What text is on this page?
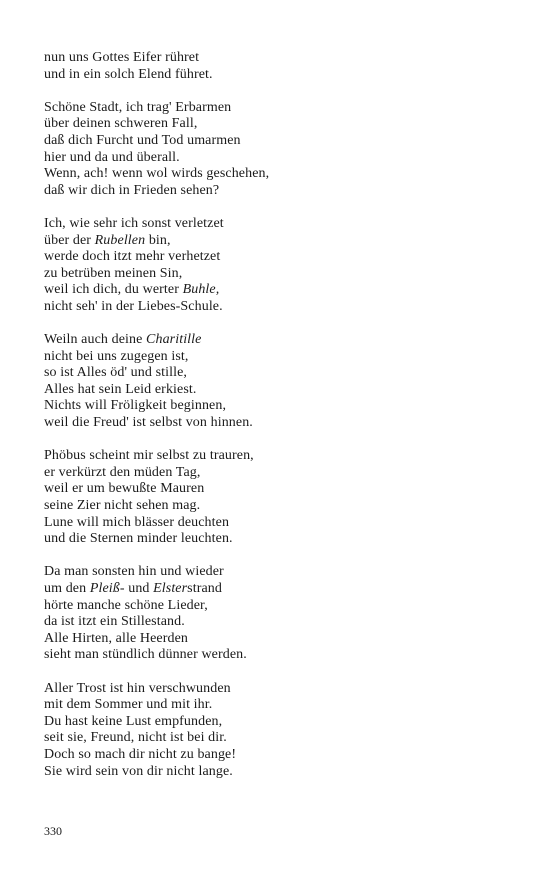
nun uns Gottes Eifer rühret
und in ein solch Elend führet.
Schöne Stadt, ich trag' Erbarmen
über deinen schweren Fall,
daß dich Furcht und Tod umarmen
hier und da und überall.
Wenn, ach! wenn wol wirds geschehen,
daß wir dich in Frieden sehen?
Ich, wie sehr ich sonst verletzet
über der Rubellen bin,
werde doch itzt mehr verhetzet
zu betrüben meinen Sin,
weil ich dich, du werter Buhle,
nicht seh' in der Liebes-Schule.
Weiln auch deine Charitille
nicht bei uns zugegen ist,
so ist Alles öd' und stille,
Alles hat sein Leid erkiest.
Nichts will Fröligkeit beginnen,
weil die Freud' ist selbst von hinnen.
Phöbus scheint mir selbst zu trauren,
er verkürzt den müden Tag,
weil er um bewußte Mauren
seine Zier nicht sehen mag.
Lune will mich blässer deuchten
und die Sternen minder leuchten.
Da man sonsten hin und wieder
um den Pleiß- und Elsterstrand
hörte manche schöne Lieder,
da ist itzt ein Stillestand.
Alle Hirten, alle Heerden
sieht man stündlich dünner werden.
Aller Trost ist hin verschwunden
mit dem Sommer und mit ihr.
Du hast keine Lust empfunden,
seit sie, Freund, nicht ist bei dir.
Doch so mach dir nicht zu bange!
Sie wird sein von dir nicht lange.
330
